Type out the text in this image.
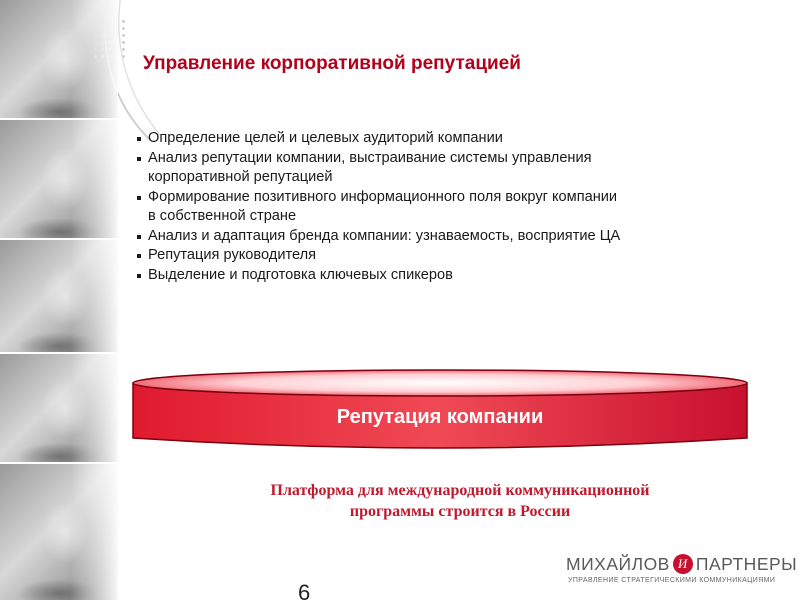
Управление корпоративной репутацией
Определение целей и целевых аудиторий компании
Анализ репутации компании, выстраивание системы управления
корпоративной репутацией
Формирование позитивного информационного поля вокруг компании
в собственной стране
Анализ и адаптация бренда компании: узнаваемость, восприятие ЦА
Репутация руководителя
Выделение и подготовка ключевых спикеров
Репутация компании
Платформа для международной коммуникационной
программы строится в России
МИХАЙЛОВ И ПАРТНЕРЫ
УПРАВЛЕНИЕ СТРАТЕГИЧЕСКИМИ КОММУНИКАЦИЯМИ
6
